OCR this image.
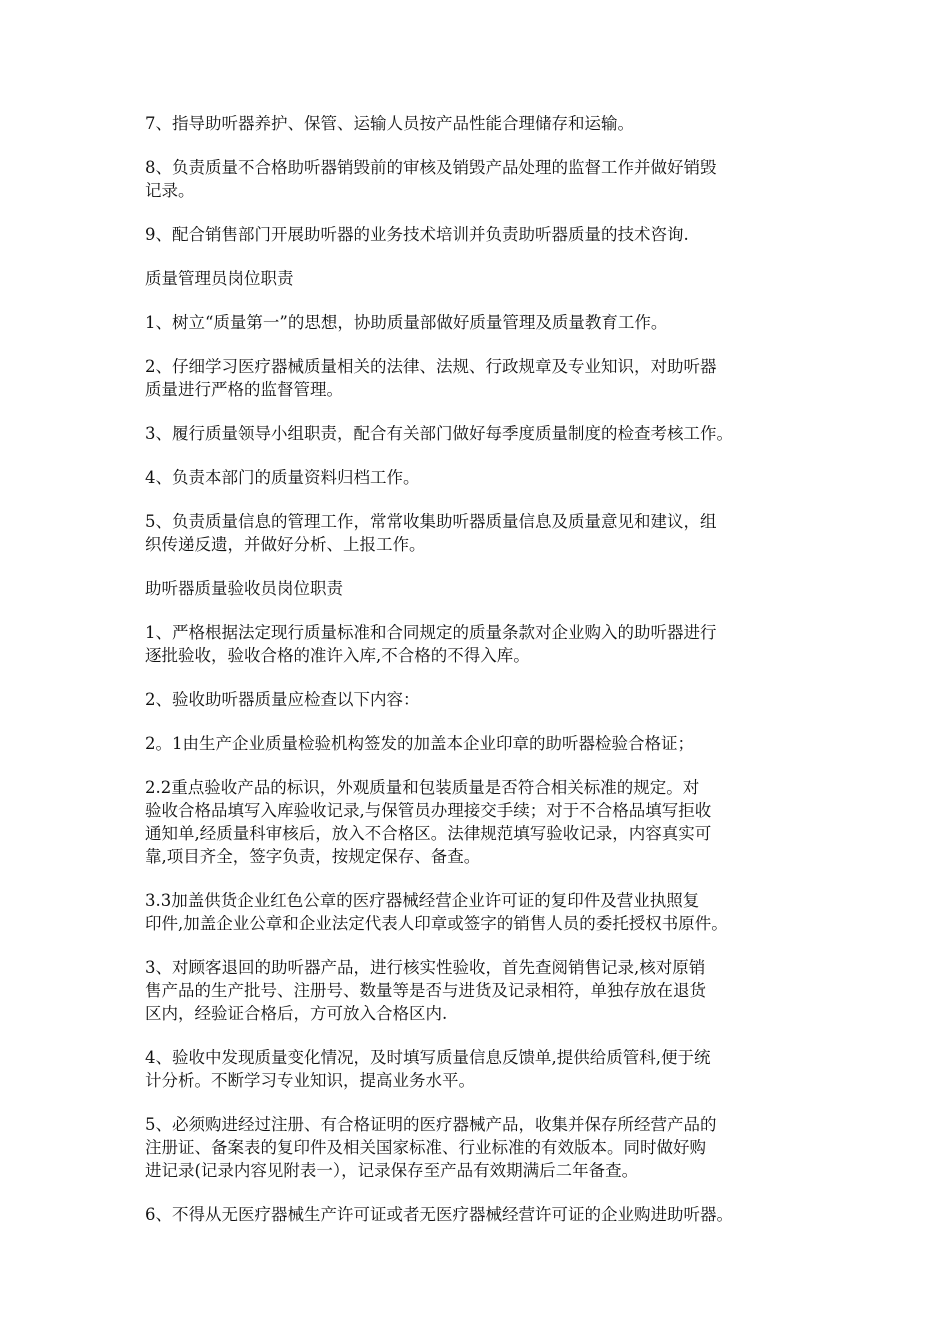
7、指导助听器养护、保管、运输人员按产品性能合理储存和运输。

8、负责质量不合格助听器销毁前的审核及销毁产品处理的监督工作并做好销毁
记录。

9、配合销售部门开展助听器的业务技术培训并负责助听器质量的技术咨询.

质量管理员岗位职责

1、树立“质量第一”的思想，协助质量部做好质量管理及质量教育工作。

2、仔细学习医疗器械质量相关的法律、法规、行政规章及专业知识，对助听器
质量进行严格的监督管理。

3、履行质量领导小组职责，配合有关部门做好每季度质量制度的检查考核工作。

4、负责本部门的质量资料归档工作。

5、负责质量信息的管理工作，常常收集助听器质量信息及质量意见和建议，组
织传递反遗，并做好分析、上报工作。

助听器质量验收员岗位职责

1、严格根据法定现行质量标准和合同规定的质量条款对企业购入的助听器进行
逐批验收，验收合格的准许入库,不合格的不得入库。

2、验收助听器质量应检查以下内容：

2。1由生产企业质量检验机构签发的加盖本企业印章的助听器检验合格证；

2.2重点验收产品的标识，外观质量和包装质量是否符合相关标准的规定。对
验收合格品填写入库验收记录,与保管员办理接交手续；对于不合格品填写拒收
通知单,经质量科审核后，放入不合格区。法律规范填写验收记录，内容真实可
靠,项目齐全，签字负责，按规定保存、备查。

3.3加盖供货企业红色公章的医疗器械经营企业许可证的复印件及营业执照复
印件,加盖企业公章和企业法定代表人印章或签字的销售人员的委托授权书原件。

3、对顾客退回的助听器产品，进行核实性验收，首先查阅销售记录,核对原销
售产品的生产批号、注册号、数量等是否与进货及记录相符，单独存放在退货
区内，经验证合格后，方可放入合格区内.

4、验收中发现质量变化情况，及时填写质量信息反馈单,提供给质管科,便于统
计分析。不断学习专业知识，提高业务水平。

5、必须购进经过注册、有合格证明的医疗器械产品，收集并保存所经营产品的
注册证、备案表的复印件及相关国家标准、行业标准的有效版本。同时做好购
进记录(记录内容见附表一），记录保存至产品有效期满后二年备查。

6、不得从无医疗器械生产许可证或者无医疗器械经营许可证的企业购进助听器。
